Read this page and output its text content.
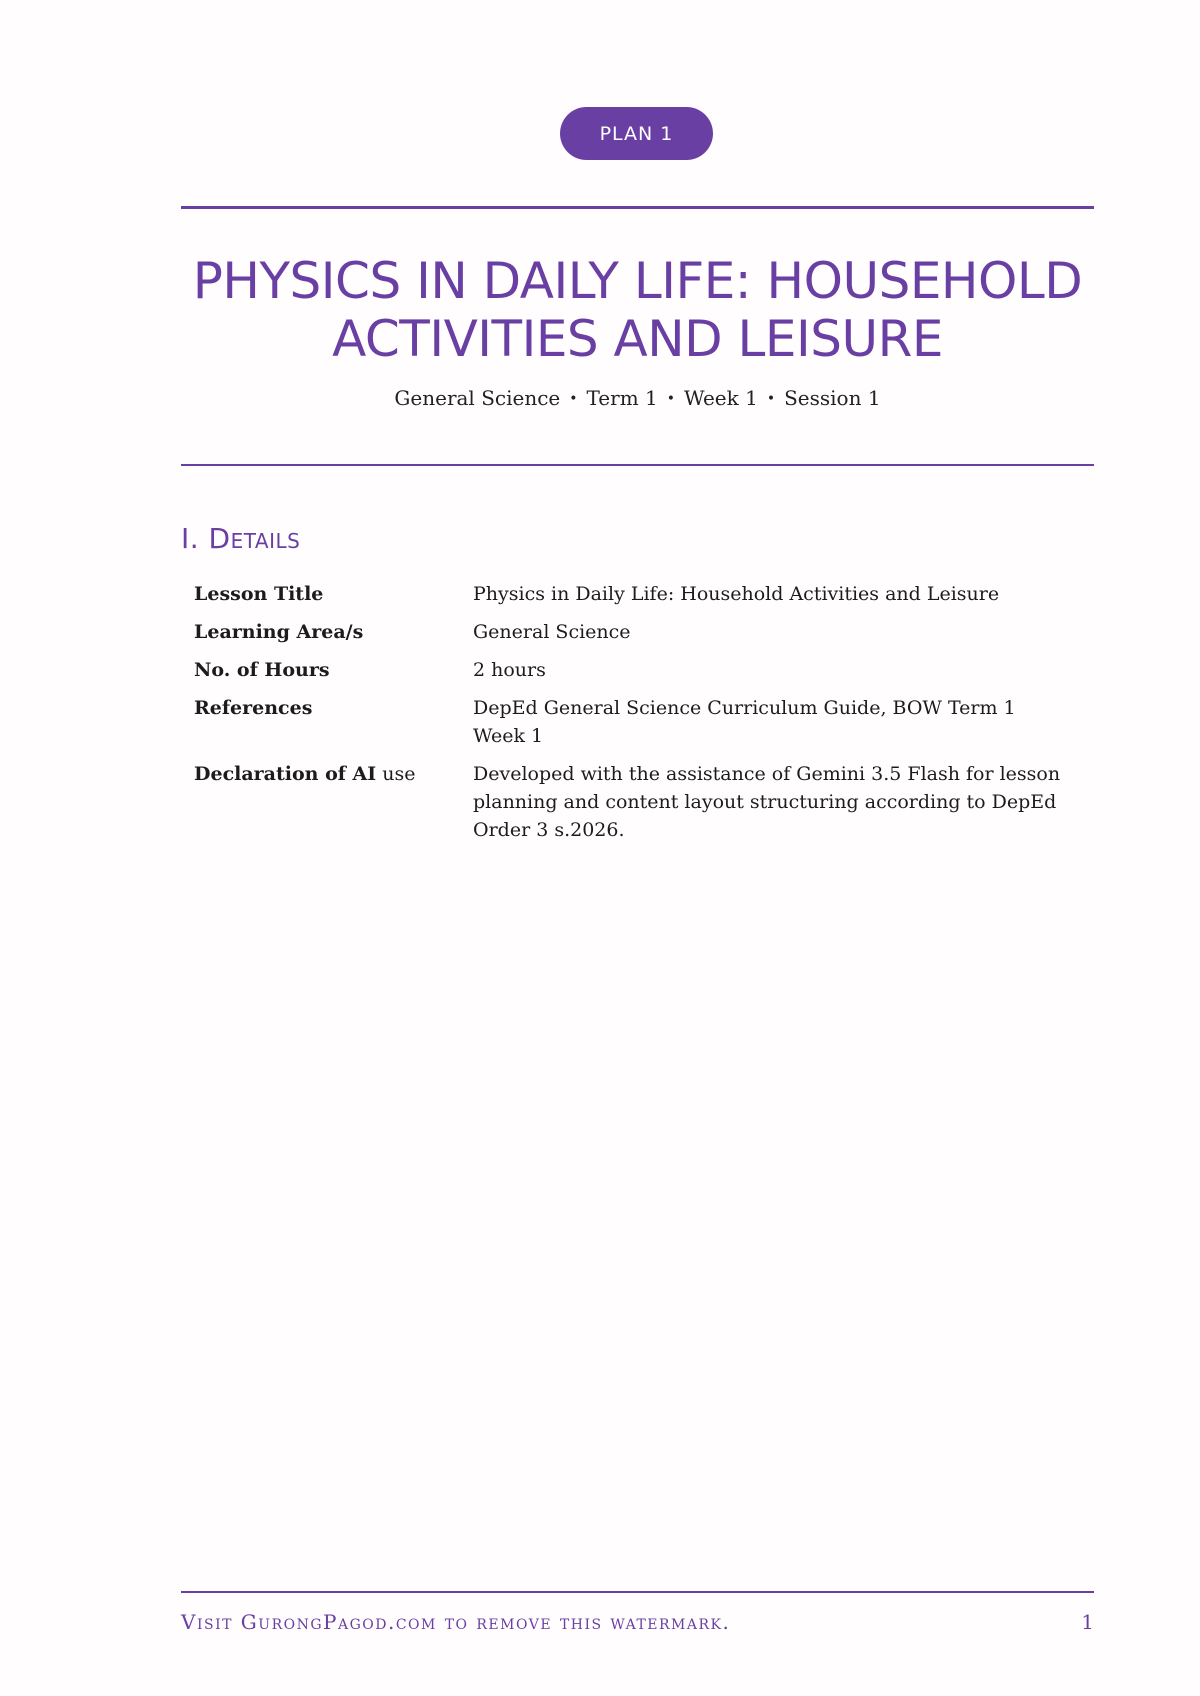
PLAN 1
PHYSICS IN DAILY LIFE: HOUSEHOLD ACTIVITIES AND LEISURE
General Science • Term 1 • Week 1 • Session 1
I. Details
Lesson Title	Physics in Daily Life: Household Activities and Leisure
Learning Area/s	General Science
No. of Hours	2 hours
References	DepEd General Science Curriculum Guide, BOW Term 1 Week 1
Declaration of AI use	Developed with the assistance of Gemini 3.5 Flash for lesson planning and content layout structuring according to DepEd Order 3 s.2026.
Visit GurongPagod.com to remove this watermark.	1
